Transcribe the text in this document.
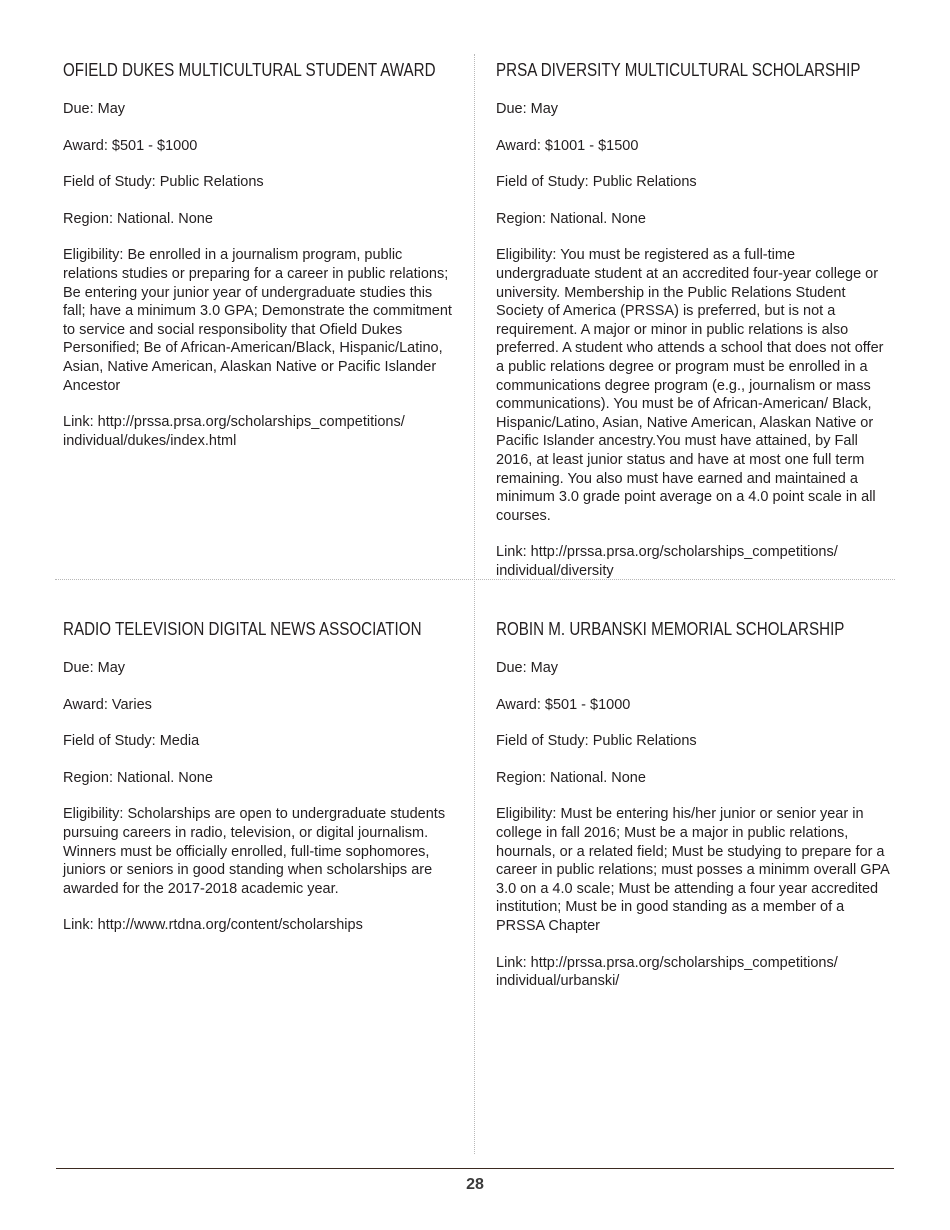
OFIELD DUKES MULTICULTURAL STUDENT AWARD

Due: May

Award: $501 - $1000

Field of Study: Public Relations

Region: National. None

Eligibility: Be enrolled in a journalism program, public relations studies or preparing for a career in public relations; Be entering your junior year of undergraduate studies this fall; have a minimum 3.0 GPA; Demonstrate the commitment to service and social responsibolity that Ofield Dukes Personified; Be of African-American/Black, Hispanic/Latino, Asian, Native American, Alaskan Native or Pacific Islander Ancestor

Link: http://prssa.prsa.org/scholarships_competitions/ individual/dukes/index.html

PRSA DIVERSITY MULTICULTURAL SCHOLARSHIP

Due: May

Award: $1001 - $1500

Field of Study: Public Relations

Region: National. None

Eligibility: You must be registered as a full-time undergraduate student at an accredited four-year college or university. Membership in the Public Relations Student Society of America (PRSSA) is preferred, but is not a requirement. A major or minor in public relations is also preferred. A student who attends a school that does not offer a public relations degree or program must be enrolled in a communications degree program (e.g., journalism or mass communications). You must be of African-American/ Black, Hispanic/Latino, Asian, Native American, Alaskan Native or Pacific Islander ancestry.You must have attained, by Fall 2016, at least junior status and have at most one full term remaining. You also must have earned and maintained a minimum 3.0 grade point average on a 4.0 point scale in all courses.

Link: http://prssa.prsa.org/scholarships_competitions/ individual/diversity

RADIO TELEVISION DIGITAL NEWS ASSOCIATION

Due: May

Award: Varies

Field of Study: Media

Region: National. None

Eligibility: Scholarships are open to undergraduate students pursuing careers in radio, television, or digital journalism. Winners must be officially enrolled, full-time sophomores, juniors or seniors in good standing when scholarships are awarded for the 2017-2018 academic year.

Link: http://www.rtdna.org/content/scholarships

ROBIN M. URBANSKI MEMORIAL SCHOLARSHIP

Due: May

Award: $501 - $1000

Field of Study: Public Relations

Region: National. None

Eligibility: Must be entering his/her junior or senior year in college in fall 2016; Must be a major in public relations, hournals, or a related field; Must be studying to prepare for a career in public relations; must posses a minimm overall GPA 3.0 on a 4.0 scale; Must be attending a four year accredited institution; Must be in good standing as a member of a PRSSA Chapter

Link: http://prssa.prsa.org/scholarships_competitions/ individual/urbanski/

28
